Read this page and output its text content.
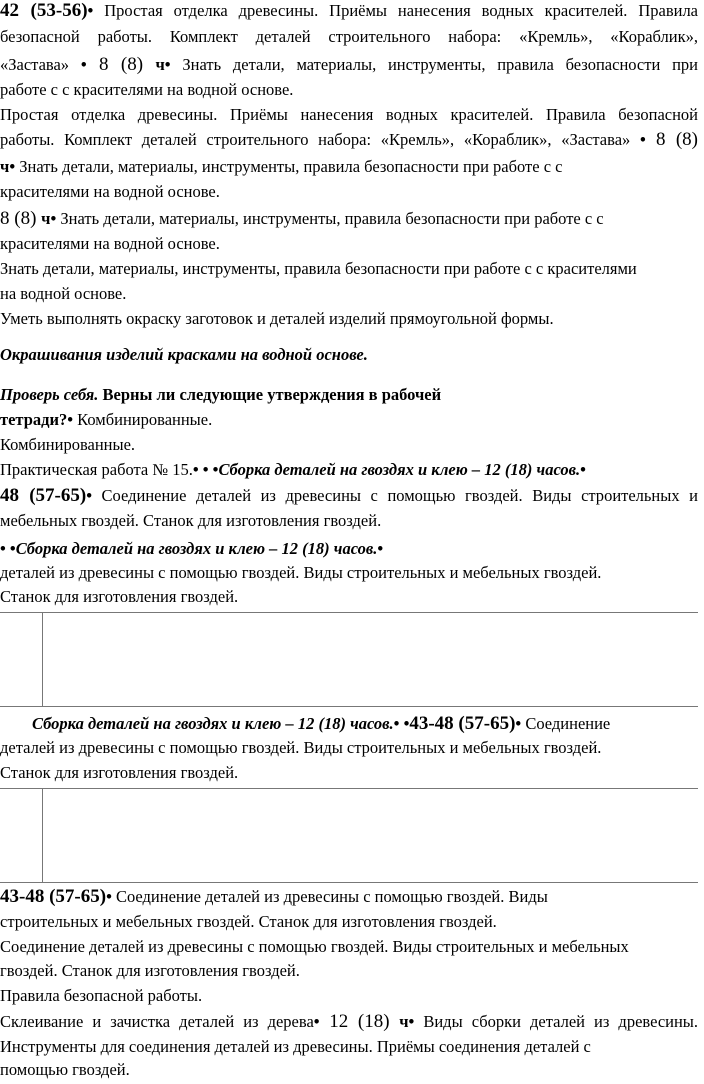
42 (53-56)• Простая отделка древесины. Приёмы нанесения водных красителей. Правила
безопасной работы. Комплект деталей строительного набора: «Кремль», «Кораблик»,
«Застава» • 8 (8) ч• Знать детали, материалы, инструменты, правила безопасности при
работе с с красителями на водной основе.
Простая отделка древесины. Приёмы нанесения водных красителей. Правила безопасной
работы. Комплект деталей строительного набора: «Кремль», «Кораблик», «Застава» • 8 (8)
ч• Знать детали, материалы, инструменты, правила безопасности при работе с с
красителями на водной основе.
8 (8) ч• Знать детали, материалы, инструменты, правила безопасности при работе с с
красителями на водной основе.
Знать детали, материалы, инструменты, правила безопасности при работе с с красителями
на водной основе.
Уметь выполнять окраску заготовок и деталей изделий прямоугольной формы.
Окрашивания изделий красками на водной основе.
Проверь себя. Верны ли следующие утверждения в рабочей
тетради?• Комбинированные.
Комбинированные.
Практическая работа № 15.• • •Сборка деталей на гвоздях и клею – 12 (18) часов.•
48 (57-65)• Соединение деталей из древесины с помощью гвоздей. Виды строительных и
мебельных гвоздей. Станок для изготовления гвоздей.
• •Сборка деталей на гвоздях и клею – 12 (18) часов.•
деталей из древесины с помощью гвоздей. Виды строительных и мебельных гвоздей.
Станок для изготовления гвоздей.
Сборка деталей на гвоздях и клею – 12 (18) часов.• •43-48 (57-65)• Соединение
деталей из древесины с помощью гвоздей. Виды строительных и мебельных гвоздей.
Станок для изготовления гвоздей.
43-48 (57-65)• Соединение деталей из древесины с помощью гвоздей. Виды
строительных и мебельных гвоздей. Станок для изготовления гвоздей.
Соединение деталей из древесины с помощью гвоздей. Виды строительных и мебельных
гвоздей. Станок для изготовления гвоздей.
Правила безопасной работы.
Склеивание и зачистка деталей из дерева• 12 (18) ч• Виды сборки деталей из древесины.
Инструменты для соединения деталей из древесины. Приёмы соединения деталей с
помощью гвоздей.
